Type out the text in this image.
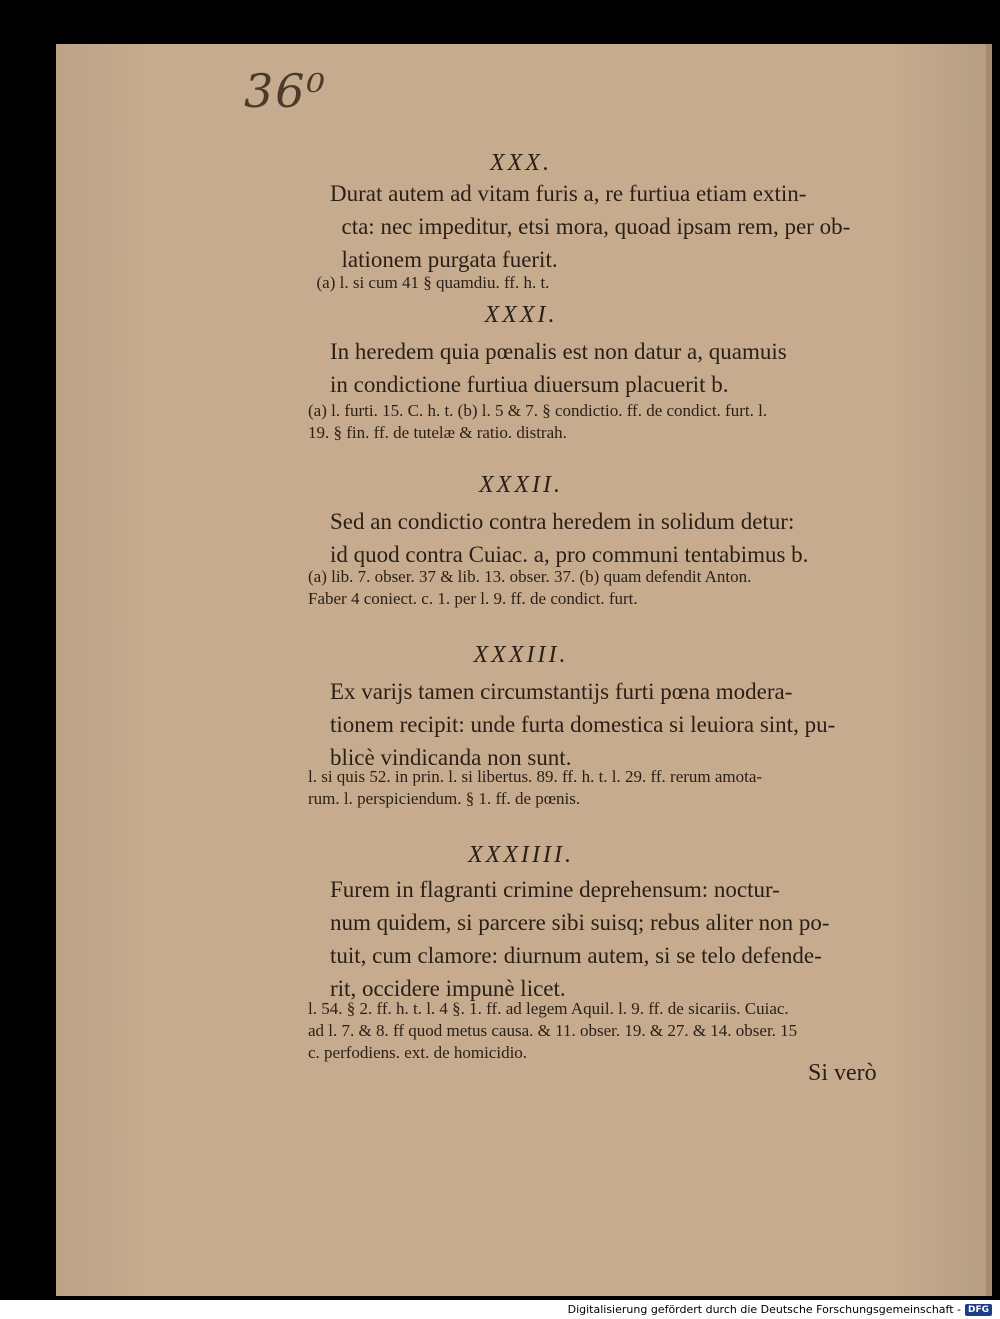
36⁰
XXX.
Durat autem ad vitam furis a, re furtiua etiam extin-
cta: nec impeditur, etsi mora, quoad ipsam rem, per ob-
lationem purgata fuerit.
(a) l. si cum 41 § quamdiu. ff. h. t.
XXXI.
In heredem quia pœnalis est non datur a, quamuis
in condictione furtiua diuersum placuerit b.
(a) l. furti. 15. C. h. t. (b) l. 5 & 7. § condictio. ff. de condict. furt. l.
19. § fin. ff. de tutelæ & ratio. distrah.
XXXII.
Sed an condictio contra heredem in solidum detur:
id quod contra Cuiac. a, pro communi tentabimus b.
(a) lib. 7. obser. 37 & lib. 13. obser. 37. (b) quam defendit Anton.
Faber 4 coniect. c. 1. per l. 9. ff. de condict. furt.
XXXIII.
Ex varijs tamen circumstantijs furti pœna modera-
tionem recipit: unde furta domestica si leuiora sint, pu-
blicè vindicanda non sunt.
l. si quis 52. in prin. l. si libertus. 89. ff. h. t. l. 29. ff. rerum amota-
rum. l. perspiciendum. § 1. ff. de pœnis.
XXXIIII.
Furem in flagranti crimine deprehensum: noctur-
num quidem, si parcere sibi suisq; rebus aliter non po-
tuit, cum clamore: diurnum autem, si se telo defende-
rit, occidere impunè licet.
l. 54. § 2. ff. h. t. l. 4 §. 1. ff. ad legem Aquil. l. 9. ff. de sicariis. Cuiac.
ad l. 7. & 8. ff quod metus causa. & 11. obser. 19. & 27. & 14. obser. 15
c. perfodiens. ext. de homicidio.
Si verò
Digitalisierung gefördert durch die Deutsche Forschungsgemeinschaft - DFG
